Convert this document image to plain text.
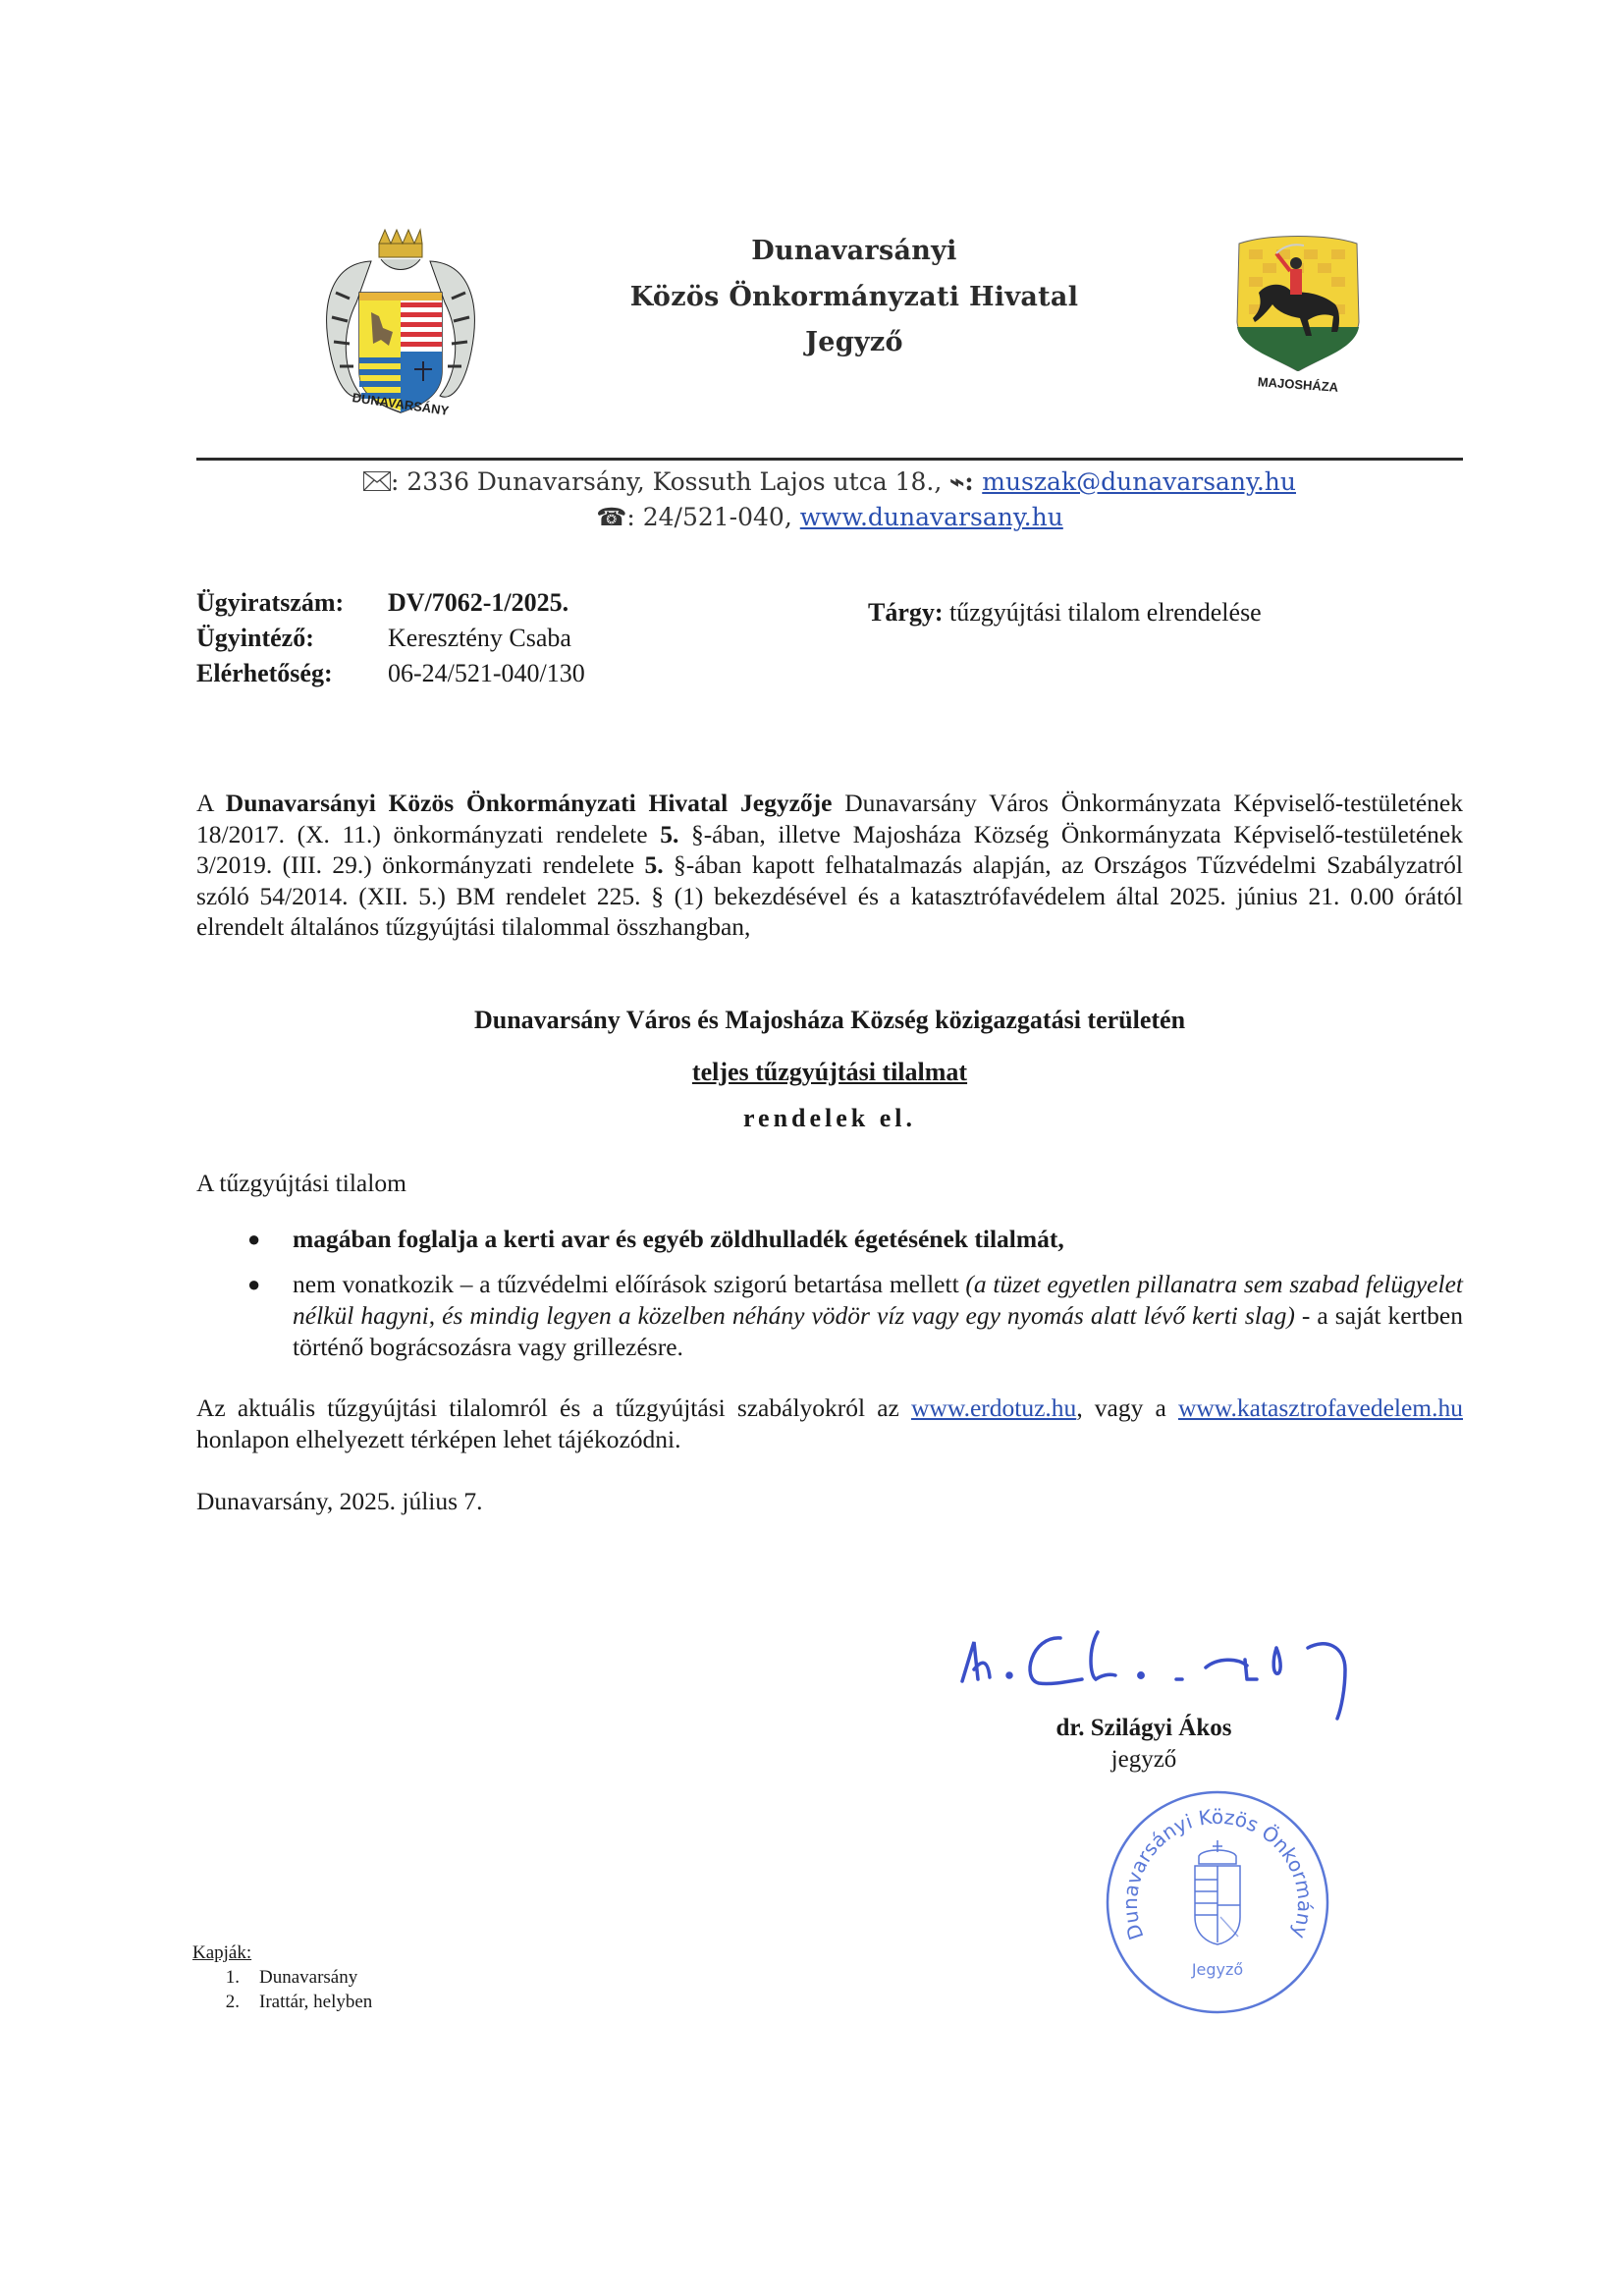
DUNAVARSÁNY
MAJOSHÁZA
Dunavarsányi
Közös Önkormányzati Hivatal
Jegyző
: 2336 Dunavarsány, Kossuth Lajos utca 18., ⌁: muszak@dunavarsany.hu
☎: 24/521-040, www.dunavarsany.hu
Ügyiratszám: DV/7062-1/2025.
Ügyintéző:	Keresztény Csaba
Elérhetőség: 06-24/521-040/130
Tárgy: tűzgyújtási tilalom elrendelése
A Dunavarsányi Közös Önkormányzati Hivatal Jegyzője Dunavarsány Város Önkormányzata Képviselő-testületének 18/2017. (X. 11.) önkormányzati rendelete 5. §-ában, illetve Majosháza Község Önkormányzata Képviselő-testületének 3/2019. (III. 29.) önkormányzati rendelete 5. §-ában kapott felhatalmazás alapján, az Országos Tűzvédelmi Szabályzatról szóló 54/2014. (XII. 5.) BM rendelet 225. § (1) bekezdésével és a katasztrófavédelem által 2025. június 21. 0.00 órától elrendelt általános tűzgyújtási tilalommal összhangban,
Dunavarsány Város és Majosháza Község közigazgatási területén
teljes tűzgyújtási tilalmat
rendelek el.
A tűzgyújtási tilalom
● magában foglalja a kerti avar és egyéb zöldhulladék égetésének tilalmát,
● nem vonatkozik – a tűzvédelmi előírások szigorú betartása mellett (a tüzet egyetlen pillanatra sem szabad felügyelet nélkül hagyni, és mindig legyen a közelben néhány vödör víz vagy egy nyomás alatt lévő kerti slag) - a saját kertben történő bográcsozásra vagy grillezésre.
Az aktuális tűzgyújtási tilalomról és a tűzgyújtási szabályokról az www.erdotuz.hu, vagy a www.katasztrofavedelem.hu honlapon elhelyezett térképen lehet tájékozódni.
Dunavarsány, 2025. július 7.
dr. Szilágyi Ákos
jegyző
Dunavarsányi Közös Önkormány
Jegyző
Kapják:
1. Dunavarsány
2. Irattár, helyben
